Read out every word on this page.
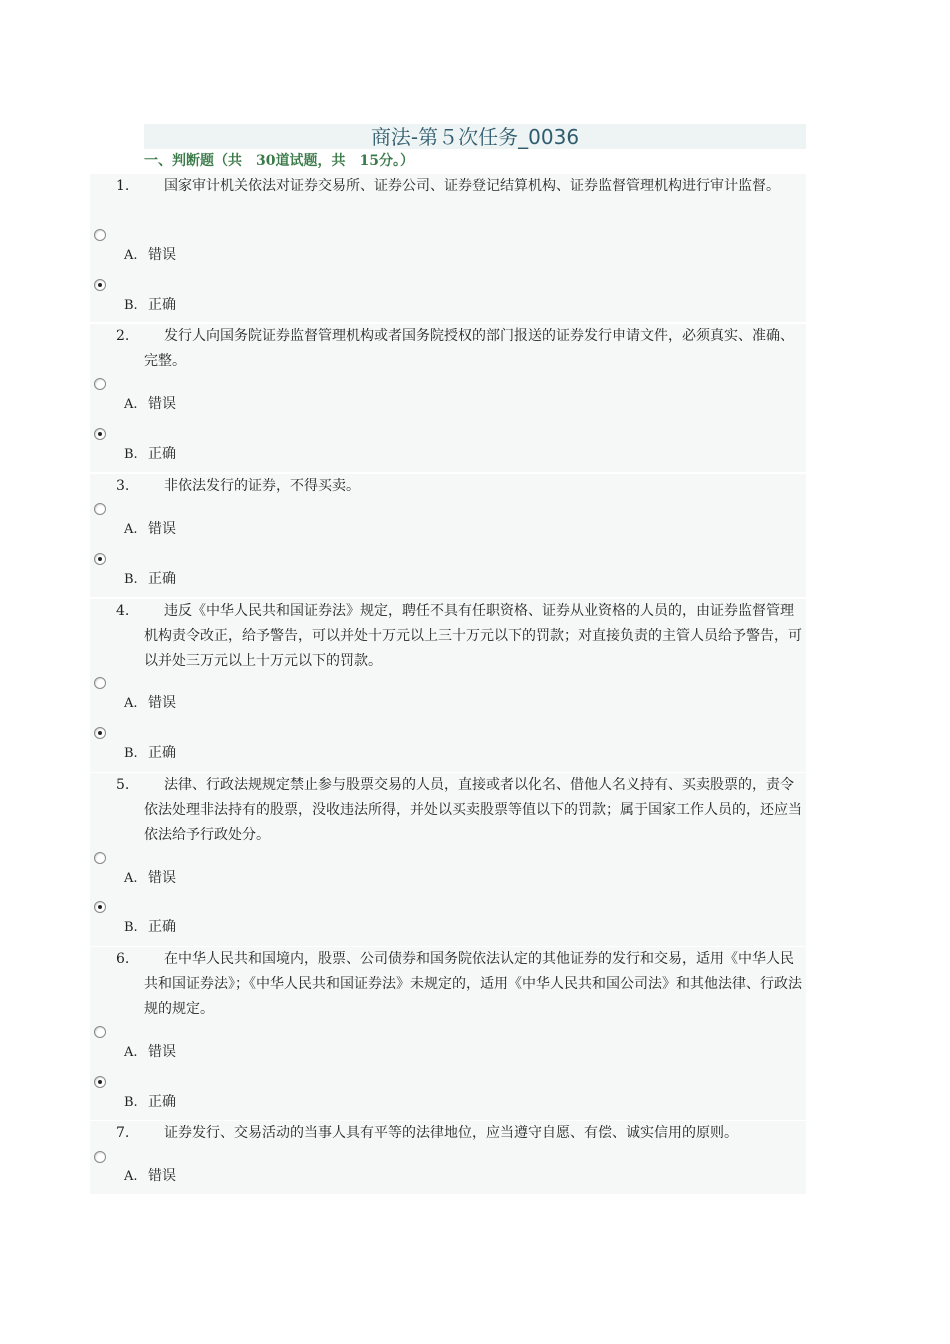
商法-第５次任务_0036
一、判断题（共 30道试题，共 15分。）
1.	国家审计机关依法对证券交易所、证券公司、证券登记结算机构、证券监督管理机构进行审计监督。
A. 错误
B. 正确
2.	发行人向国务院证券监督管理机构或者国务院授权的部门报送的证券发行申请文件，必须真实、准确、完整。
A. 错误
B. 正确
3.	非依法发行的证券，不得买卖。
A. 错误
B. 正确
4.	违反《中华人民共和国证券法》规定，聘任不具有任职资格、证券从业资格的人员的，由证券监督管理机构责令改正，给予警告，可以并处十万元以上三十万元以下的罚款；对直接负责的主管人员给予警告，可以并处三万元以上十万元以下的罚款。
A. 错误
B. 正确
5.	法律、行政法规规定禁止参与股票交易的人员，直接或者以化名、借他人名义持有、买卖股票的，责令依法处理非法持有的股票，没收违法所得，并处以买卖股票等值以下的罚款；属于国家工作人员的，还应当依法给予行政处分。
A. 错误
B. 正确
6.	在中华人民共和国境内，股票、公司债券和国务院依法认定的其他证券的发行和交易，适用《中华人民共和国证券法》；《中华人民共和国证券法》未规定的，适用《中华人民共和国公司法》和其他法律、行政法规的规定。
A. 错误
B. 正确
7.	证券发行、交易活动的当事人具有平等的法律地位，应当遵守自愿、有偿、诚实信用的原则。
A. 错误
